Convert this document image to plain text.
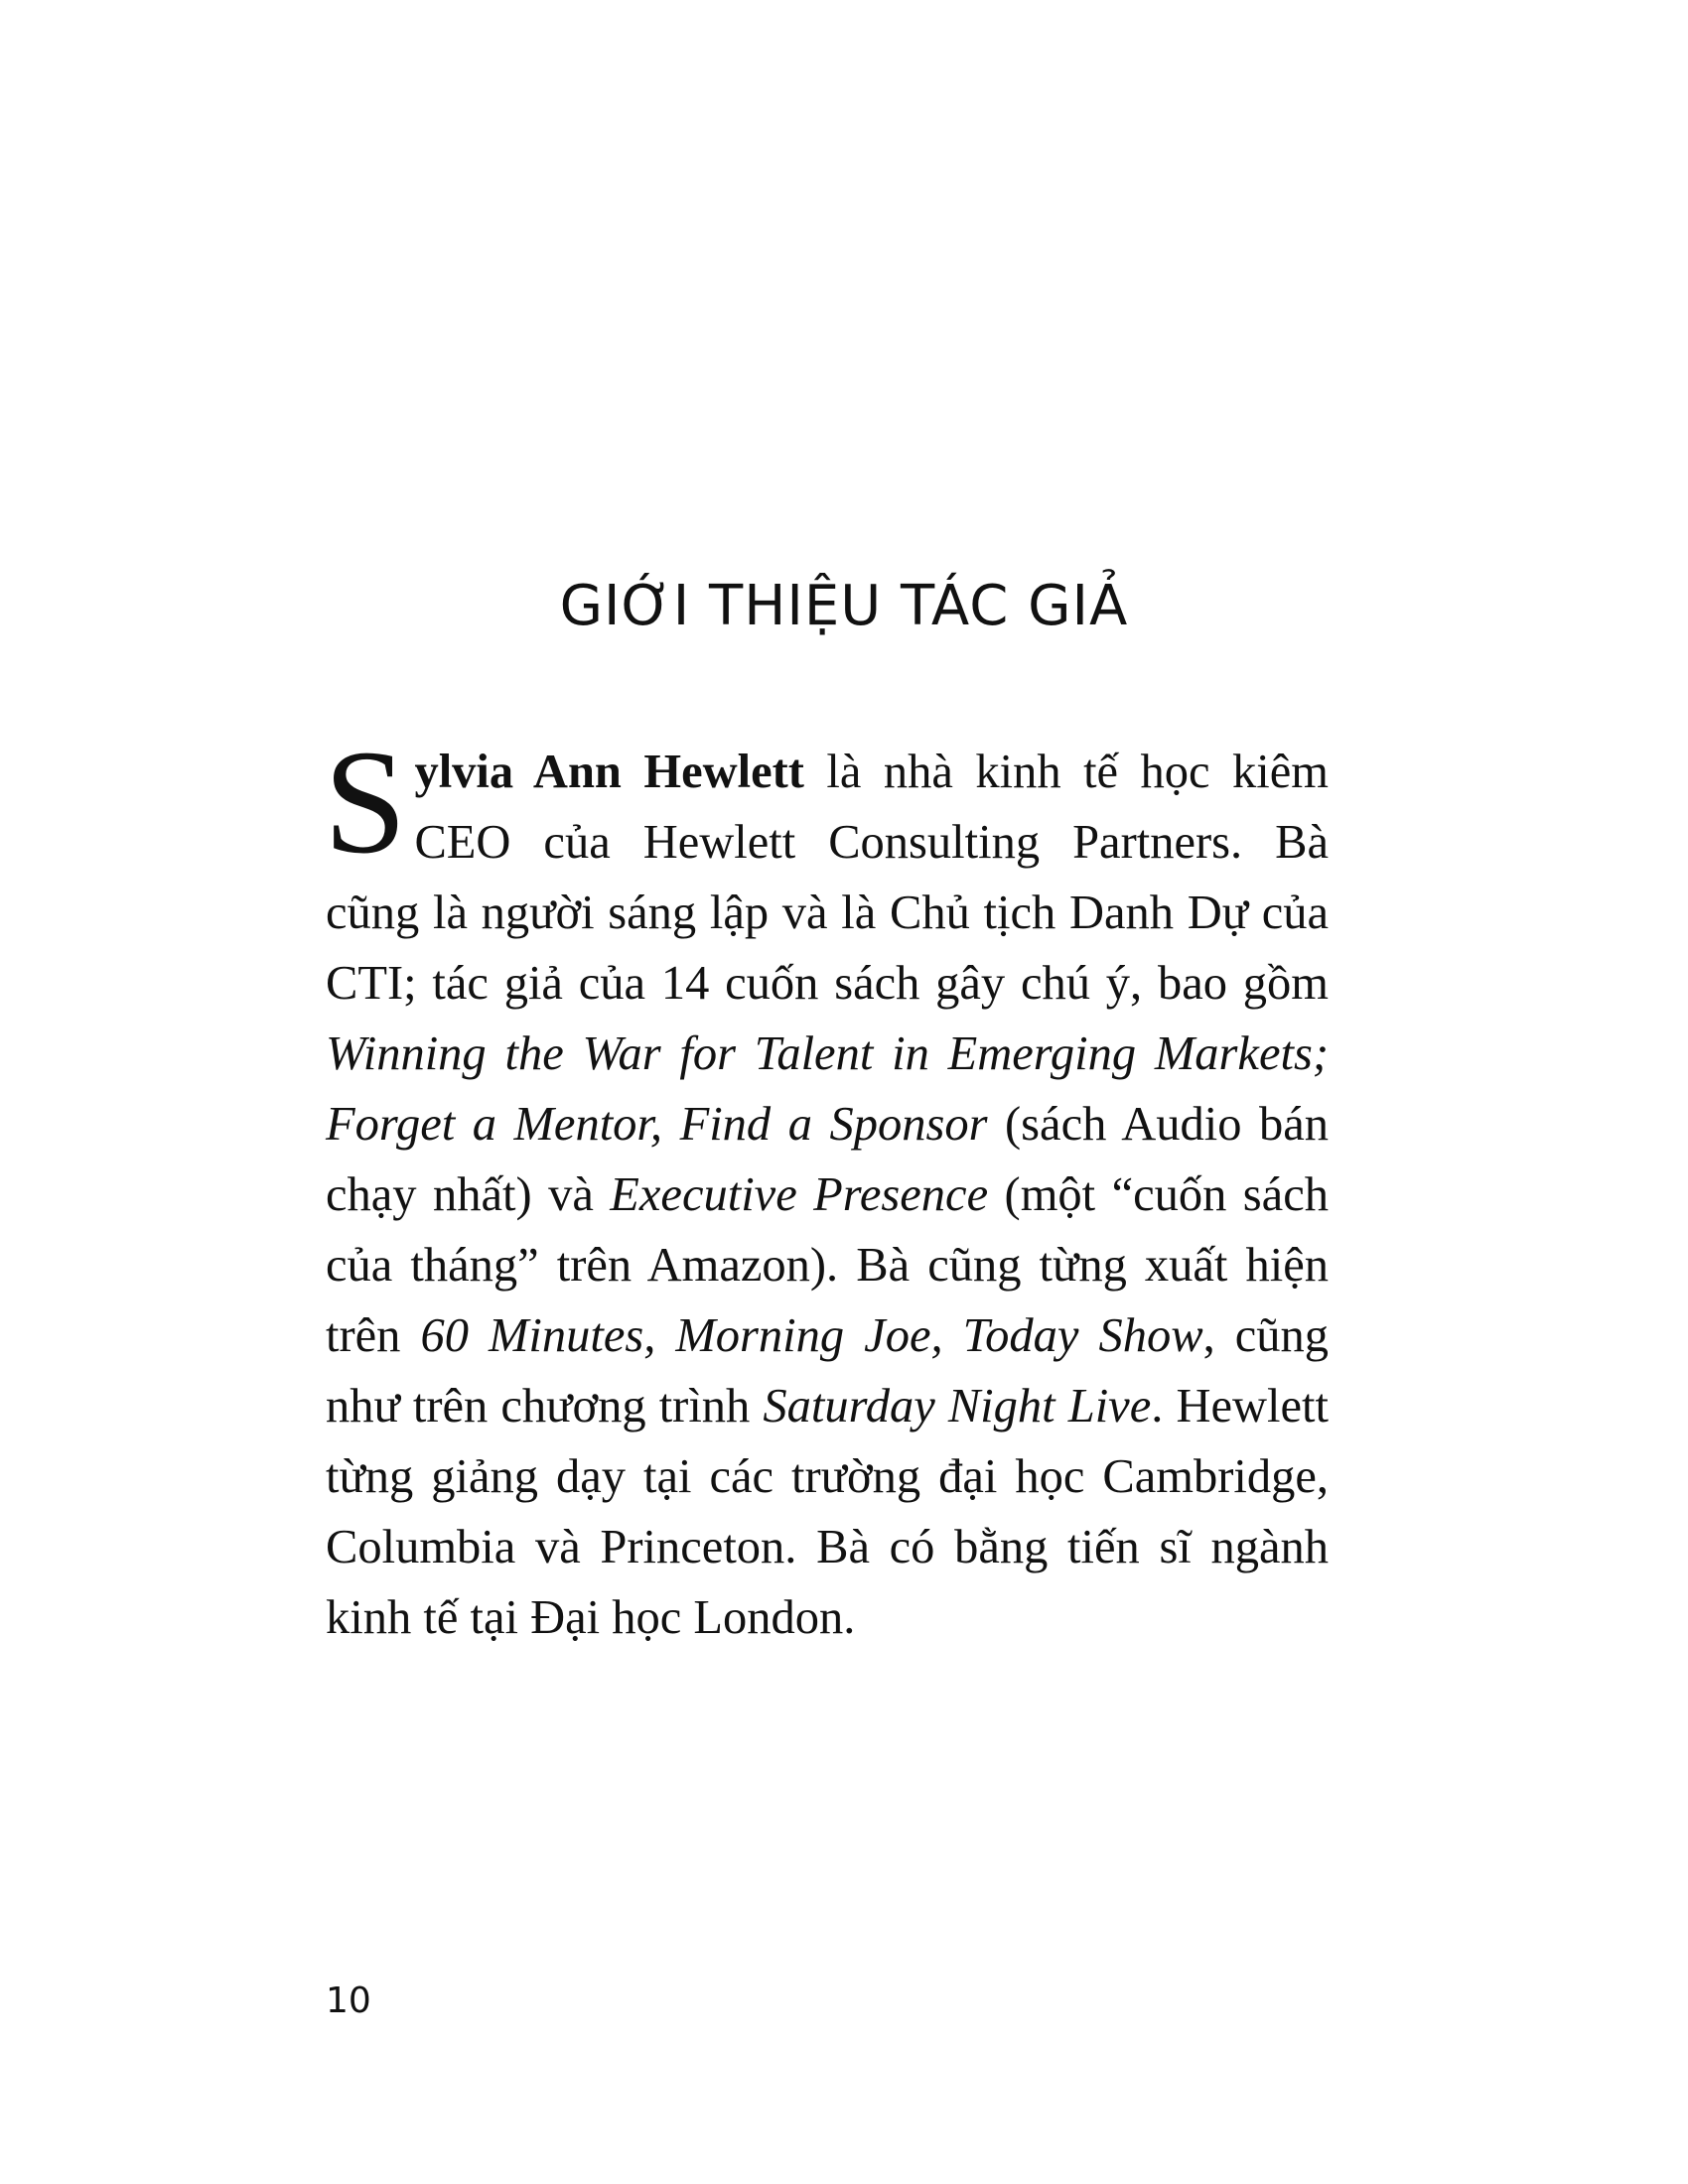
GIỚI THIỆU TÁC GIẢ

Sylvia Ann Hewlett là nhà kinh tế học kiêm CEO của Hewlett Consulting Partners. Bà cũng là người sáng lập và là Chủ tịch Danh Dự của CTI; tác giả của 14 cuốn sách gây chú ý, bao gồm Winning the War for Talent in Emerging Markets; Forget a Mentor, Find a Sponsor (sách Audio bán chạy nhất) và Executive Presence (một “cuốn sách của tháng” trên Amazon). Bà cũng từng xuất hiện trên 60 Minutes, Morning Joe, Today Show, cũng như trên chương trình Saturday Night Live. Hewlett từng giảng dạy tại các trường đại học Cambridge, Columbia và Princeton. Bà có bằng tiến sĩ ngành kinh tế tại Đại học London.

10
